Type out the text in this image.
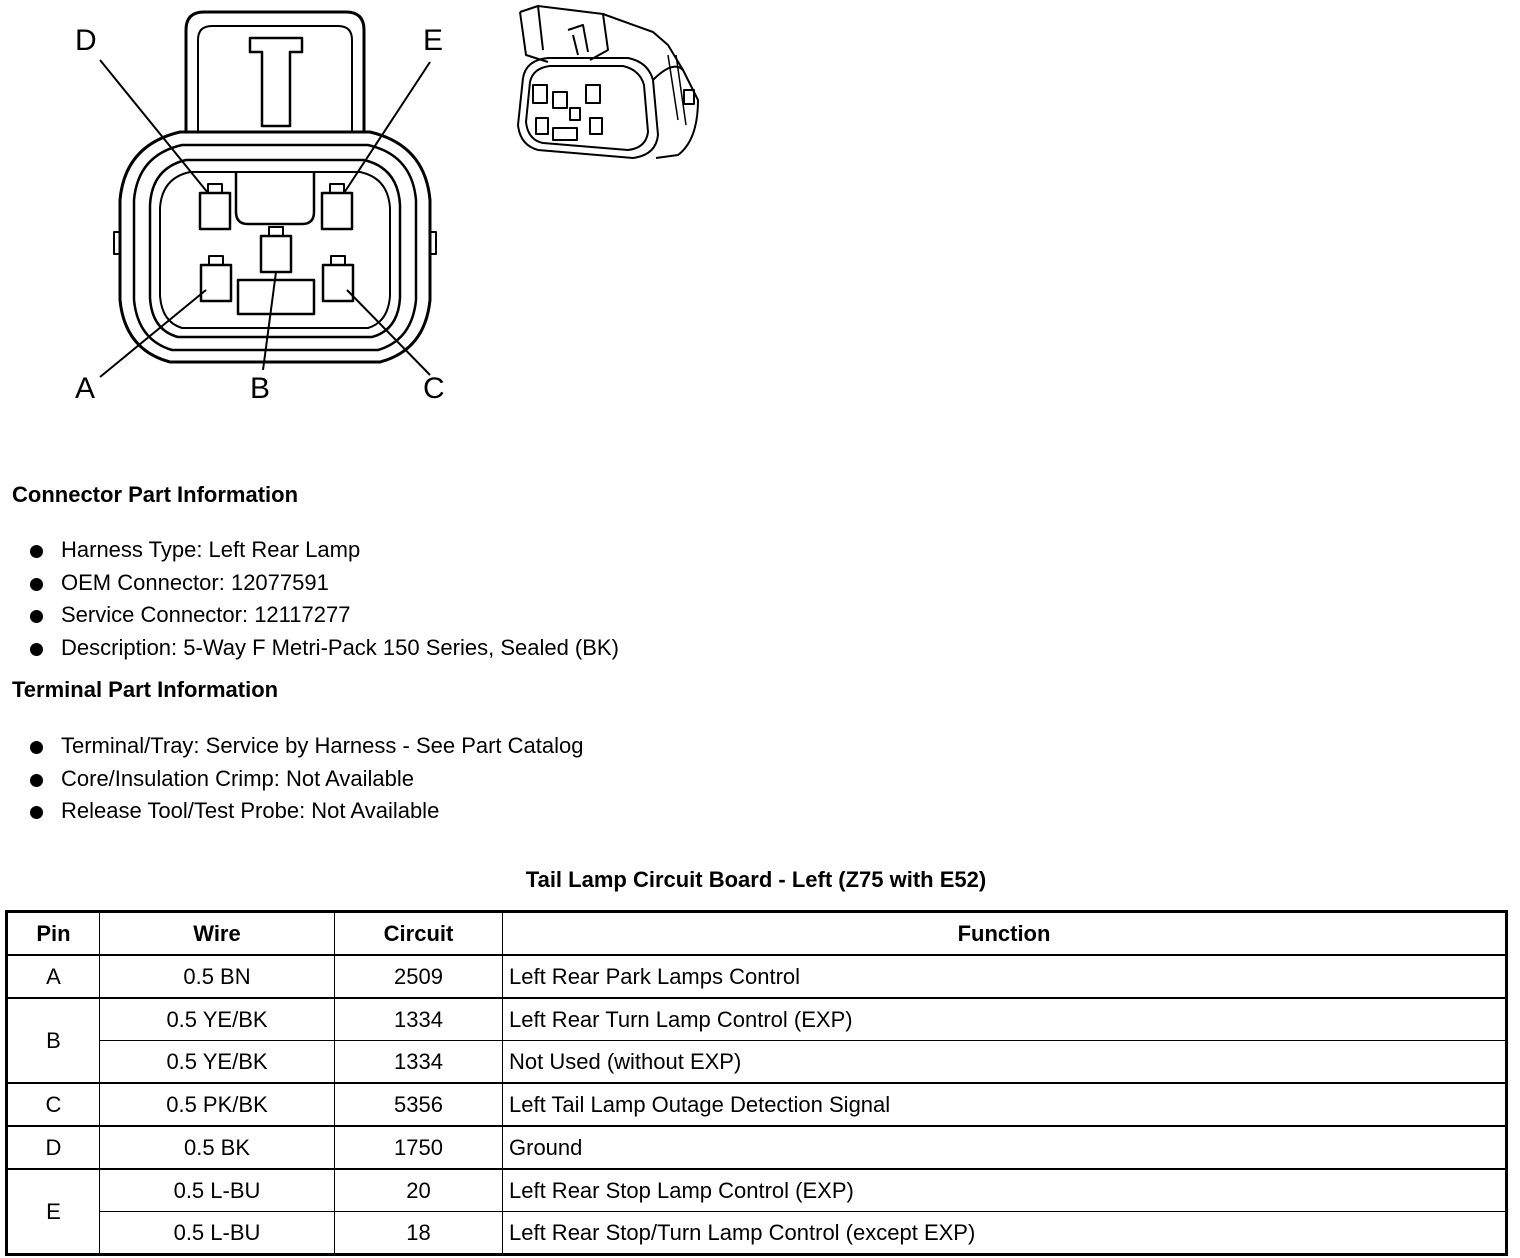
D	E
A	B	C
Connector Part Information
Harness Type: Left Rear Lamp
OEM Connector: 12077591
Service Connector: 12117277
Description: 5-Way F Metri-Pack 150 Series, Sealed (BK)
Terminal Part Information
Terminal/Tray: Service by Harness - See Part Catalog
Core/Insulation Crimp: Not Available
Release Tool/Test Probe: Not Available
Tail Lamp Circuit Board - Left (Z75 with E52)
Pin	Wire	Circuit	Function
A	0.5 BN	2509	Left Rear Park Lamps Control
B	0.5 YE/BK	1334	Left Rear Turn Lamp Control (EXP)
	0.5 YE/BK	1334	Not Used (without EXP)
C	0.5 PK/BK	5356	Left Tail Lamp Outage Detection Signal
D	0.5 BK	1750	Ground
E	0.5 L-BU	20	Left Rear Stop Lamp Control (EXP)
	0.5 L-BU	18	Left Rear Stop/Turn Lamp Control (except EXP)
